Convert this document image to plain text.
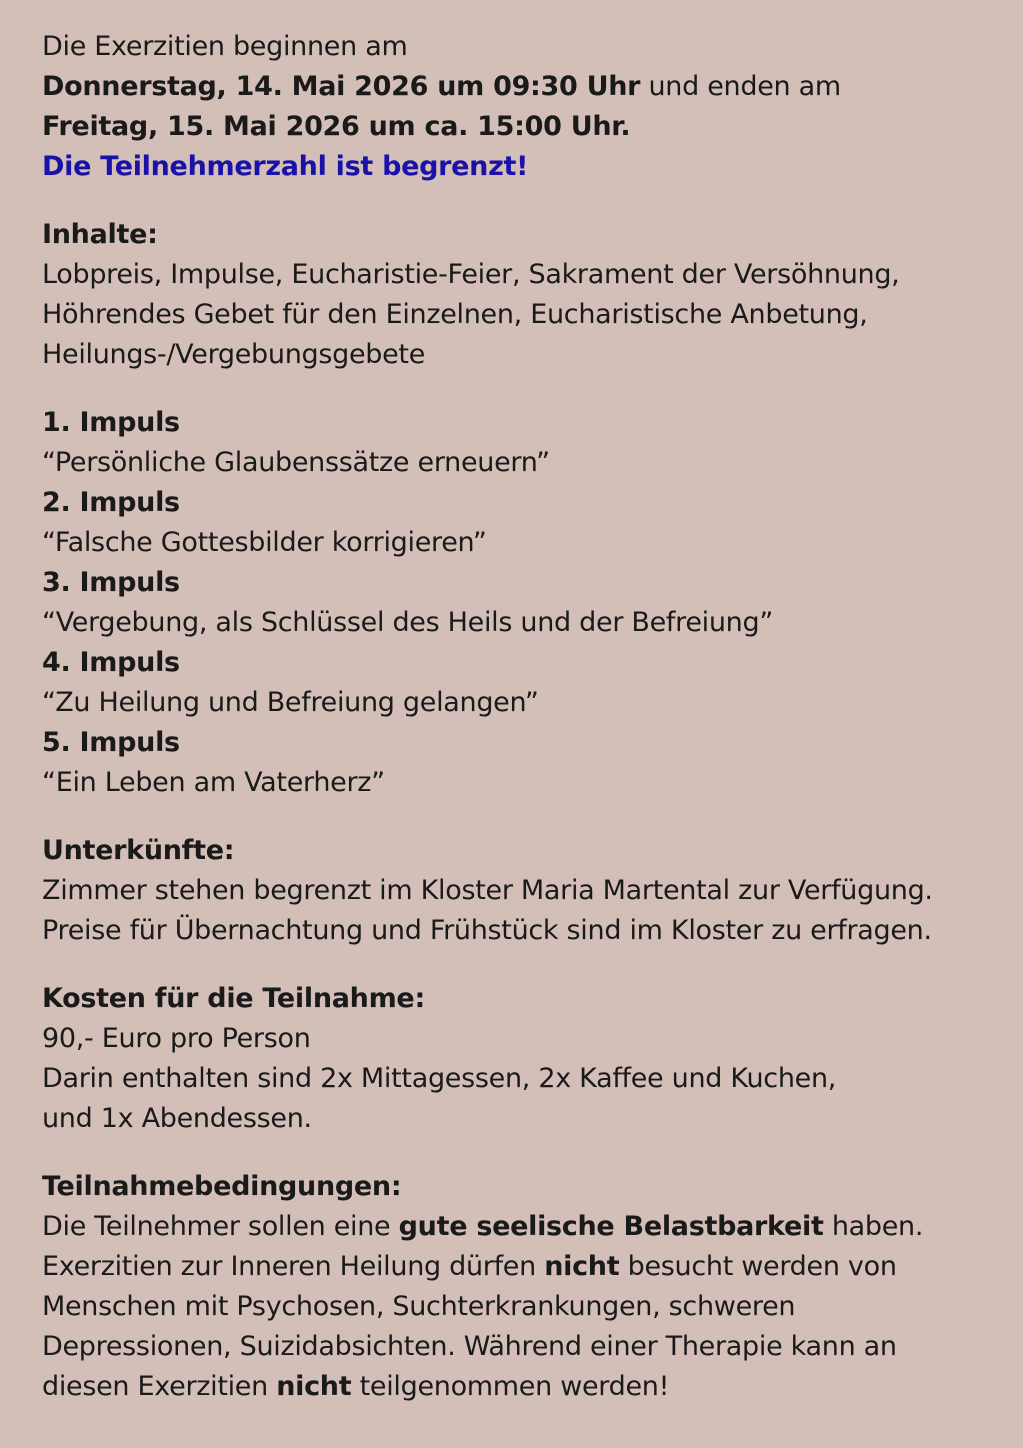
Die Exerzitien beginnen am
Donnerstag, 14. Mai 2026 um 09:30 Uhr und enden am
Freitag, 15. Mai 2026 um ca. 15:00 Uhr.
Die Teilnehmerzahl ist begrenzt!
Inhalte:
Lobpreis, Impulse, Eucharistie-Feier, Sakrament der Versöhnung,
Höhrendes Gebet für den Einzelnen, Eucharistische Anbetung,
Heilungs-/Vergebungsgebete
1. Impuls
“Persönliche Glaubenssätze erneuern”
2. Impuls
“Falsche Gottesbilder korrigieren”
3. Impuls
“Vergebung, als Schlüssel des Heils und der Befreiung”
4. Impuls
“Zu Heilung und Befreiung gelangen”
5. Impuls
“Ein Leben am Vaterherz”
Unterkünfte:
Zimmer stehen begrenzt im Kloster Maria Martental zur Verfügung.
Preise für Übernachtung und Frühstück sind im Kloster zu erfragen.
Kosten für die Teilnahme:
90,- Euro pro Person
Darin enthalten sind 2x Mittagessen, 2x Kaffee und Kuchen,
und 1x Abendessen.
Teilnahmebedingungen:
Die Teilnehmer sollen eine gute seelische Belastbarkeit haben.
Exerzitien zur Inneren Heilung dürfen nicht besucht werden von
Menschen mit Psychosen, Suchterkrankungen, schweren
Depressionen, Suizidabsichten. Während einer Therapie kann an
diesen Exerzitien nicht teilgenommen werden!
